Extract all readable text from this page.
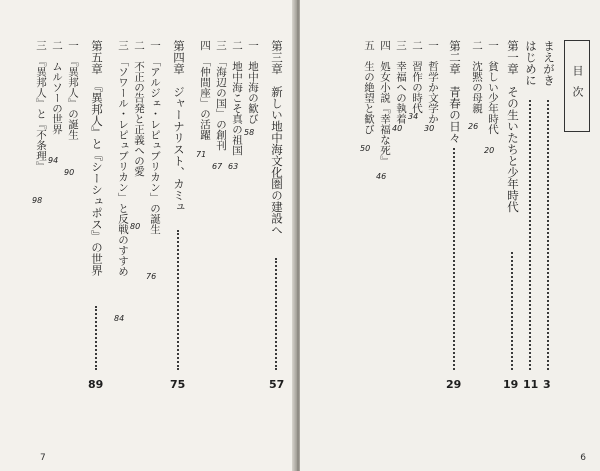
第三章　新しい地中海文化圏の建設へ
57
一　地中海の歓び
58
二　地中海こそ真の祖国
63
三　「海辺の国」の創刊
67
四　「仲間座」の活躍
71
第四章　ジャーナリスト、カミュ
75
一　「アルジェ・レピュブリカン」の誕生
76
二　不正の告発と正義への愛
80
三　「ソワール・レピュブリカン」と反戦のすすめ
84
第五章　『異邦人』と『シーシュポス』の世界
89
一　『異邦人』の誕生
90
二　ムルソーの世界
94
三　『異邦人』と『不条理』
98
7
目次
まえがき
3
はじめに
11
第一章　その生いたちと少年時代
19
一　貧しい少年時代
20
二　沈黙の母親
26
第二章　青春の日々
29
一　哲学か文学か
30
二　習作の時代
34
三　幸福への執着
40
四　処女小説『幸福な死』
46
五　生の絶望と歓び
50
6
